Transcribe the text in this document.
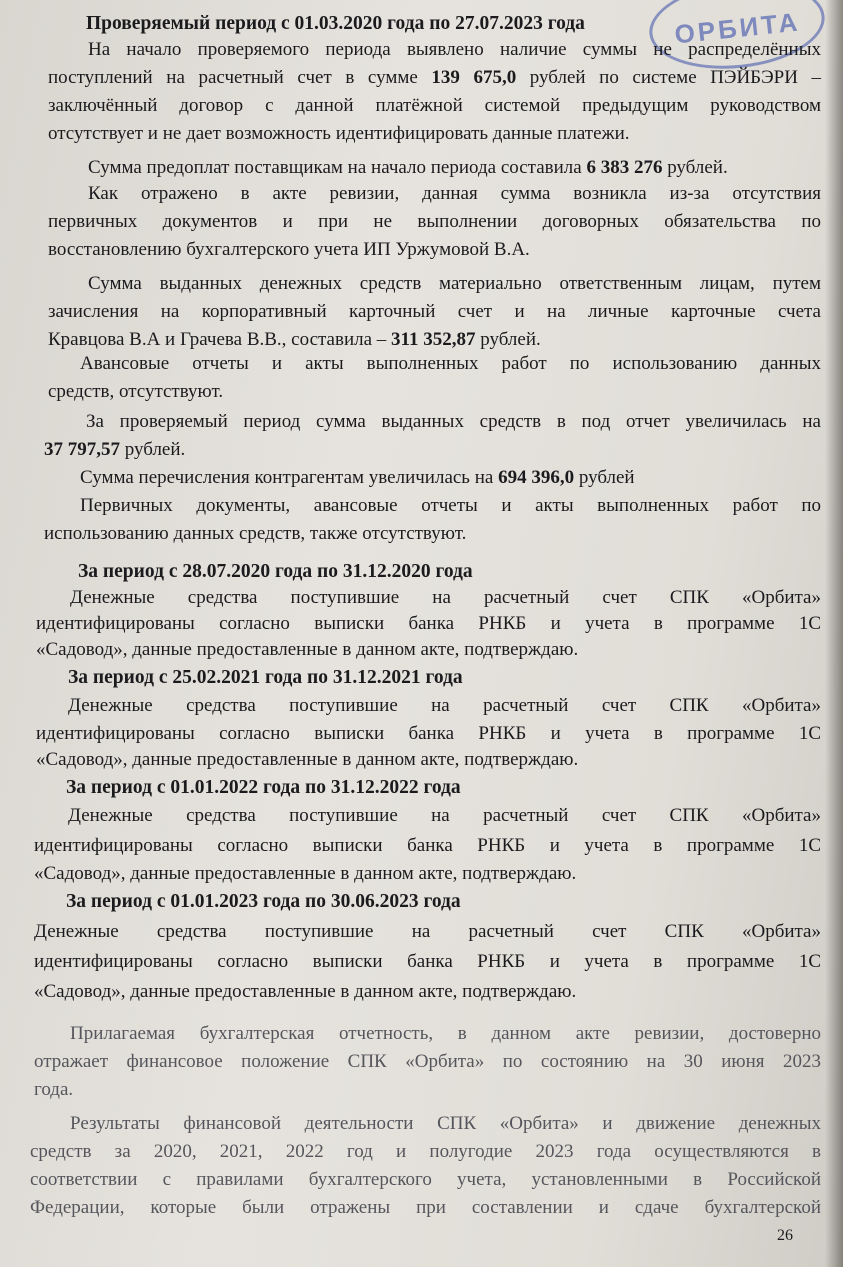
ОРБИТА
Проверяемый период с 01.03.2020 года по 27.07.2023 года
На начало проверяемого периода выявлено наличие суммы не распределённых
поступлений на расчетный счет в сумме 139 675,0 рублей по системе ПЭЙБЭРИ –
заключённый договор с данной платёжной системой предыдущим руководством
отсутствует и не дает возможность идентифицировать данные платежи.
Сумма предоплат поставщикам на начало периода составила 6 383 276 рублей.
Как отражено в акте ревизии, данная сумма возникла из-за отсутствия
первичных документов и при не выполнении договорных обязательства по
восстановлению бухгалтерского учета ИП Уржумовой В.А.
Сумма выданных денежных средств материально ответственным лицам, путем
зачисления на корпоративный карточный счет и на личные карточные счета
Кравцова В.А и Грачева В.В., составила – 311 352,87 рублей.
Авансовые отчеты и акты выполненных работ по использованию данных
средств, отсутствуют.
За проверяемый период сумма выданных средств в под отчет увеличилась на
37 797,57 рублей.
Сумма перечисления контрагентам увеличилась на 694 396,0 рублей
Первичных документы, авансовые отчеты и акты выполненных работ по
использованию данных средств, также отсутствуют.
За период с 28.07.2020 года по 31.12.2020 года
Денежные средства поступившие на расчетный счет СПК «Орбита»
идентифицированы согласно выписки банка РНКБ и учета в программе 1С
«Садовод», данные предоставленные в данном акте, подтверждаю.
За период с 25.02.2021 года по 31.12.2021 года
Денежные средства поступившие на расчетный счет СПК «Орбита»
идентифицированы согласно выписки банка РНКБ и учета в программе 1С
«Садовод», данные предоставленные в данном акте, подтверждаю.
За период с 01.01.2022 года по 31.12.2022 года
Денежные средства поступившие на расчетный счет СПК «Орбита»
идентифицированы согласно выписки банка РНКБ и учета в программе 1С
«Садовод», данные предоставленные в данном акте, подтверждаю.
За период с 01.01.2023 года по 30.06.2023 года
Денежные средства поступившие на расчетный счет СПК «Орбита»
идентифицированы согласно выписки банка РНКБ и учета в программе 1С
«Садовод», данные предоставленные в данном акте, подтверждаю.
Прилагаемая бухгалтерская отчетность, в данном акте ревизии, достоверно
отражает финансовое положение СПК «Орбита» по состоянию на 30 июня 2023
года.
Результаты финансовой деятельности СПК «Орбита» и движение денежных
средств за 2020, 2021, 2022 год и полугодие 2023 года осуществляются в
соответствии с правилами бухгалтерского учета, установленными в Российской
Федерации, которые были отражены при составлении и сдаче бухгалтерской
26
